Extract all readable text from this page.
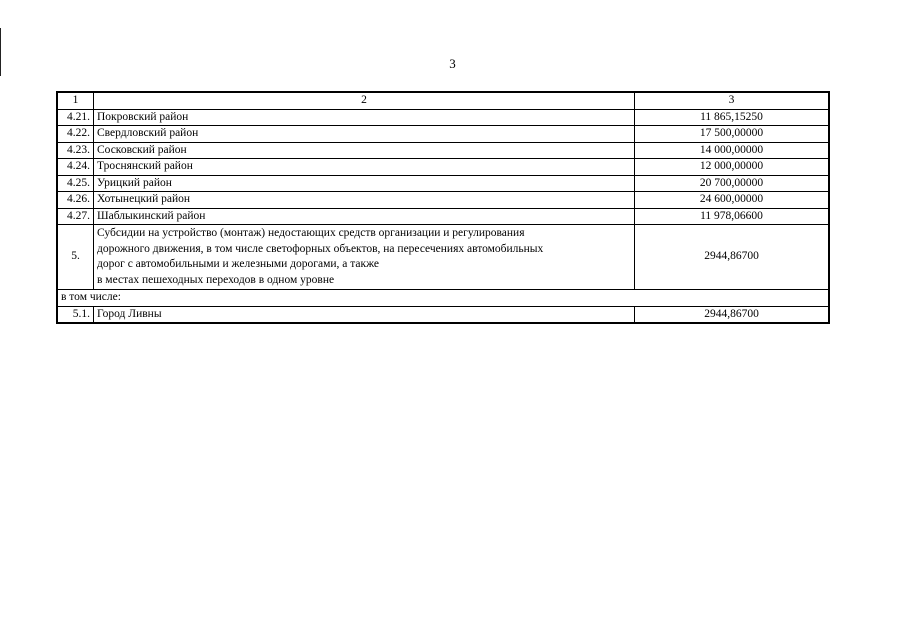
3
1	2	3
4.21.	Покровский район	11 865,15250
4.22.	Свердловский район	17 500,00000
4.23.	Сосковский район	14 000,00000
4.24.	Троснянский район	12 000,00000
4.25.	Урицкий район	20 700,00000
4.26.	Хотынецкий район	24 600,00000
4.27.	Шаблыкинский район	11 978,06600
5.	Субсидии на устройство (монтаж) недостающих средств организации и регулирования
дорожного движения, в том числе светофорных объектов, на пересечениях автомобильных
дорог с автомобильными и железными дорогами, а также
в местах пешеходных переходов в одном уровне	2944,86700
в том числе:		
5.1.	Город Ливны	2944,86700
